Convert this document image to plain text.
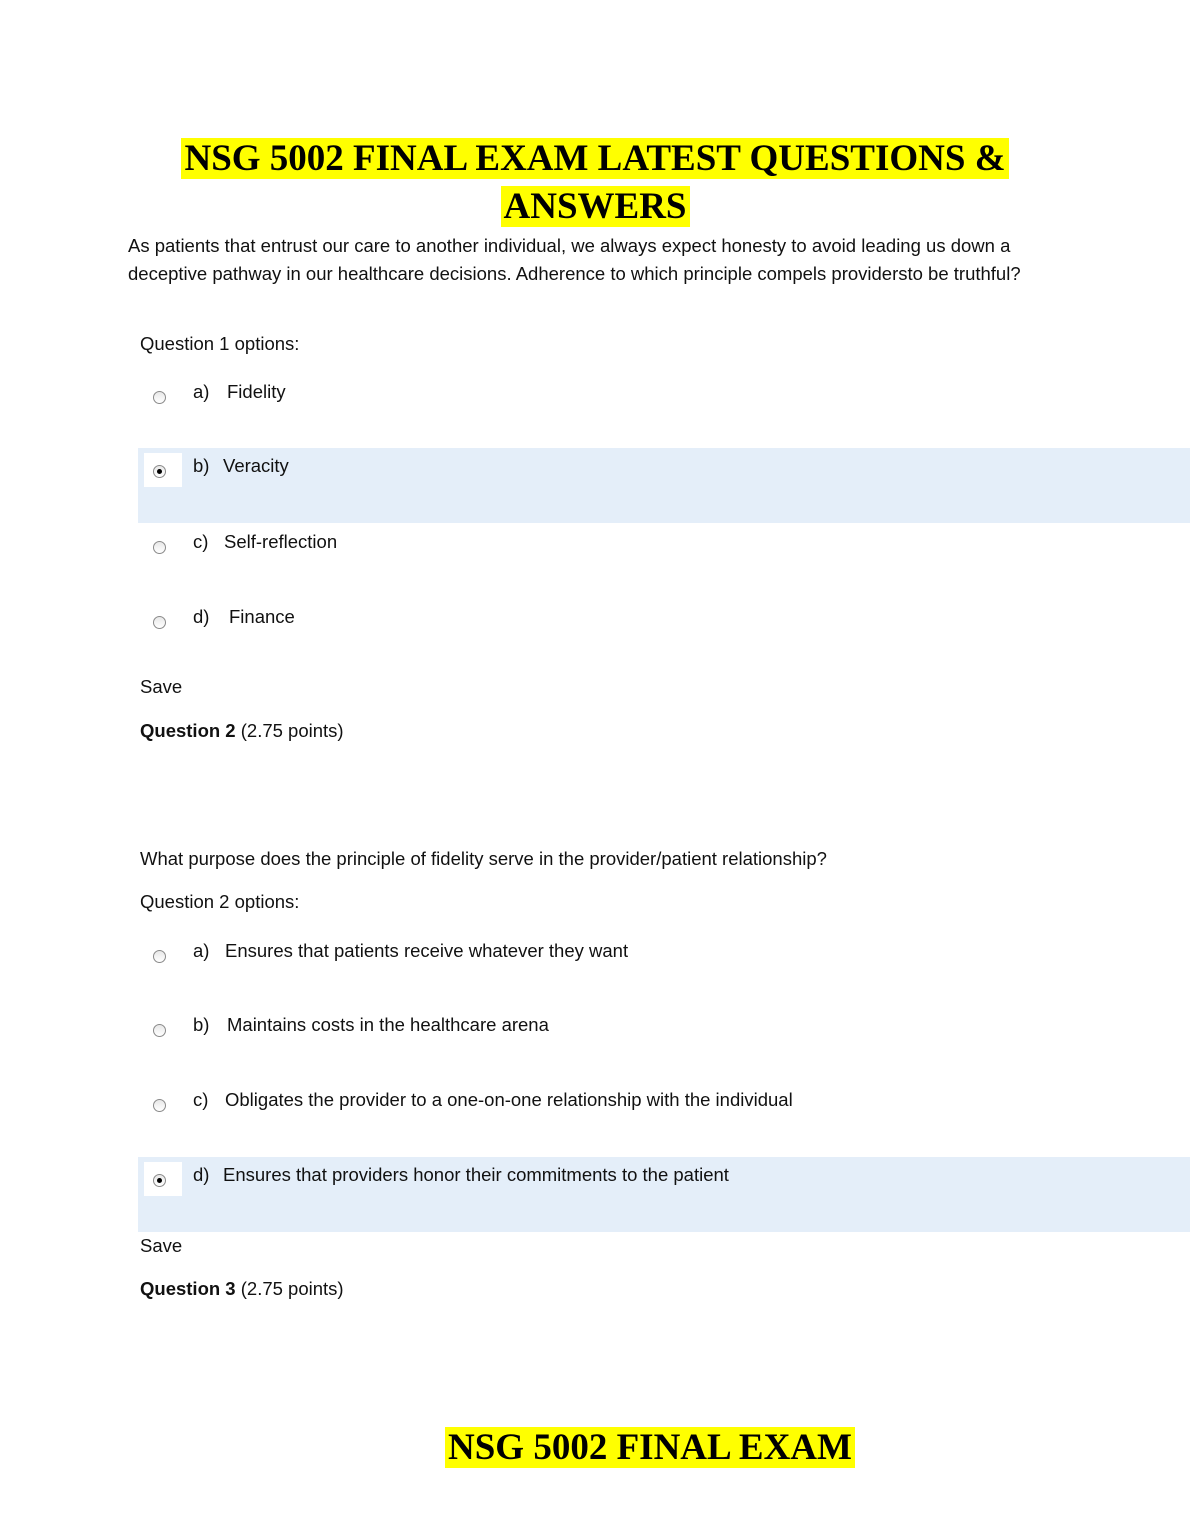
NSG 5002 FINAL EXAM LATEST QUESTIONS &
ANSWERS

As patients that entrust our care to another individual, we always expect honesty to avoid leading us down a deceptive pathway in our healthcare decisions. Adherence to which principle compels providersto be truthful?

Question 1 options:

a) Fidelity
b) Veracity
c) Self-reflection
d) Finance

Save

Question 2 (2.75 points)

What purpose does the principle of fidelity serve in the provider/patient relationship?

Question 2 options:

a) Ensures that patients receive whatever they want
b) Maintains costs in the healthcare arena
c) Obligates the provider to a one-on-one relationship with the individual
d) Ensures that providers honor their commitments to the patient

Save

Question 3 (2.75 points)

NSG 5002 FINAL EXAM
